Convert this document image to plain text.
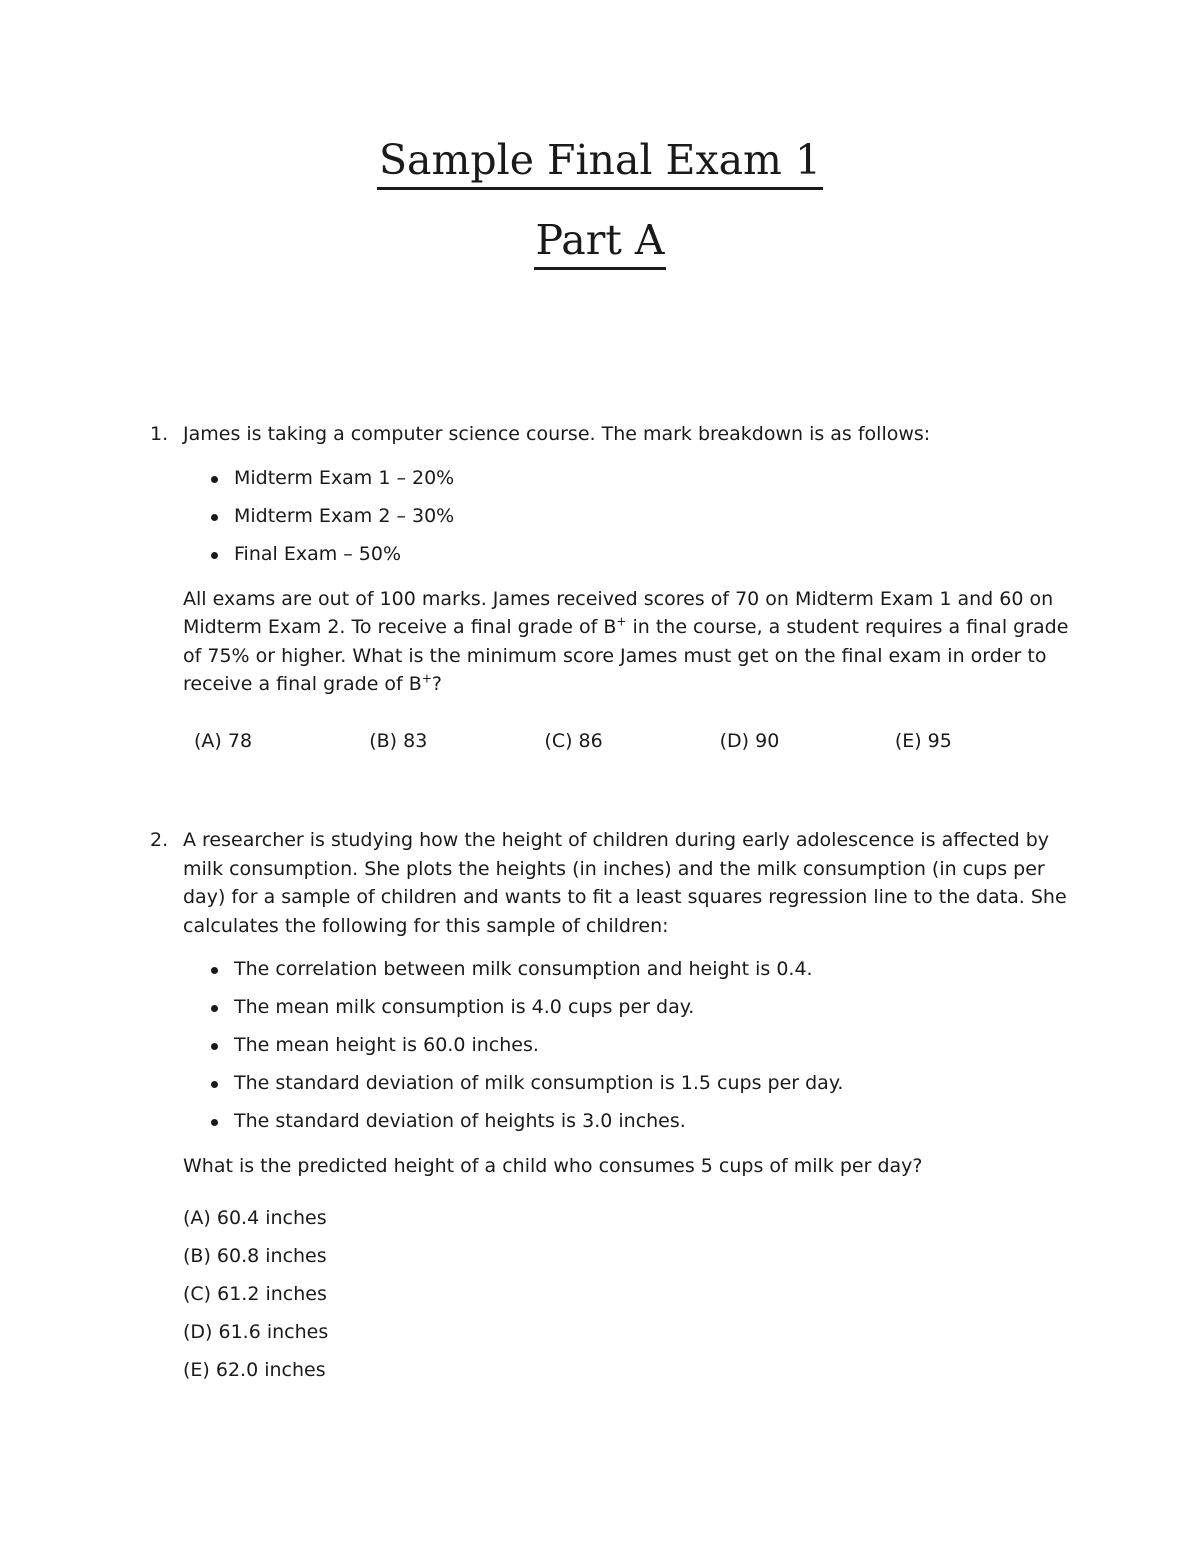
Sample Final Exam 1
Part A
1. James is taking a computer science course. The mark breakdown is as follows:

Midterm Exam 1 – 20%
Midterm Exam 2 – 30%
Final Exam – 50%

All exams are out of 100 marks. James received scores of 70 on Midterm Exam 1 and 60 on Midterm Exam 2. To receive a final grade of B+ in the course, a student requires a final grade of 75% or higher. What is the minimum score James must get on the final exam in order to receive a final grade of B+?

(A) 78	(B) 83	(C) 86	(D) 90	(E) 95
2. A researcher is studying how the height of children during early adolescence is affected by milk consumption. She plots the heights (in inches) and the milk consumption (in cups per day) for a sample of children and wants to fit a least squares regression line to the data. She calculates the following for this sample of children:

The correlation between milk consumption and height is 0.4.
The mean milk consumption is 4.0 cups per day.
The mean height is 60.0 inches.
The standard deviation of milk consumption is 1.5 cups per day.
The standard deviation of heights is 3.0 inches.

What is the predicted height of a child who consumes 5 cups of milk per day?

(A) 60.4 inches
(B) 60.8 inches
(C) 61.2 inches
(D) 61.6 inches
(E) 62.0 inches
